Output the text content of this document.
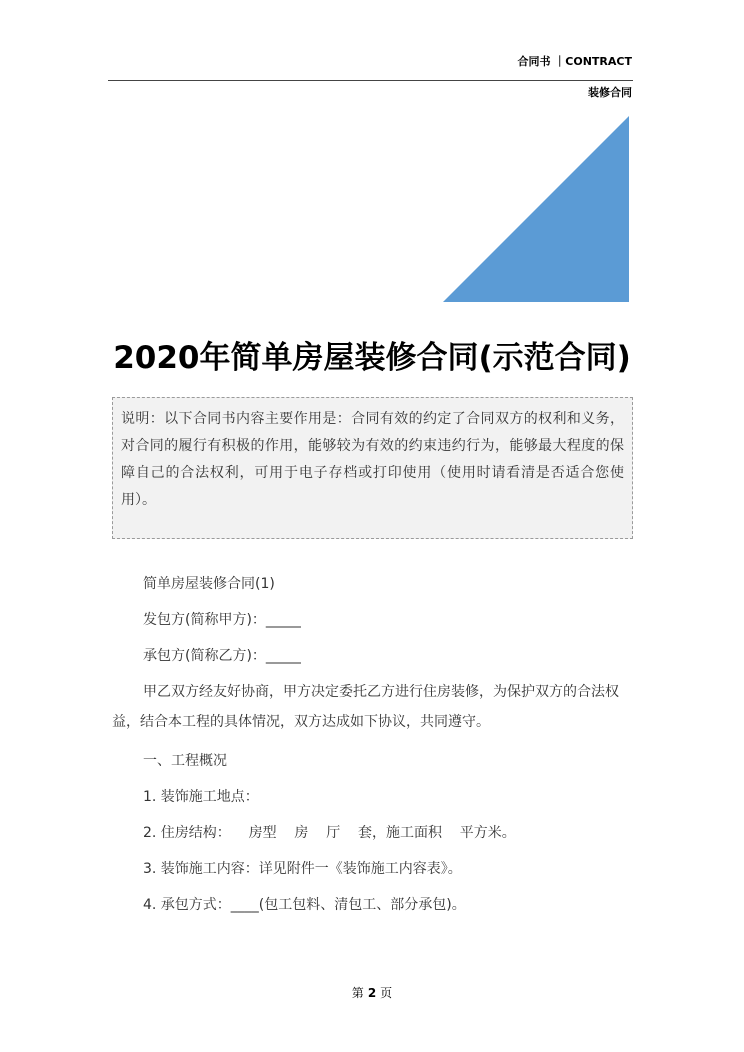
合同书 ｜CONTRACT
装修合同
2020年简单房屋装修合同(示范合同)
说明：以下合同书内容主要作用是：合同有效的约定了合同双方的权利和义务，对合同的履行有积极的作用，能够较为有效的约束违约行为，能够最大程度的保障自己的合法权利，可用于电子存档或打印使用（使用时请看清是否适合您使用）。

简单房屋装修合同(1)

发包方(简称甲方)：_____

承包方(简称乙方)：_____

甲乙双方经友好协商，甲方决定委托乙方进行住房装修，为保护双方的合法权益，结合本工程的具体情况，双方达成如下协议，共同遵守。

一、工程概况

1. 装饰施工地点：

2. 住房结构：    房型    房    厅    套，施工面积    平方米。

3. 装饰施工内容：详见附件一《装饰施工内容表》。

4. 承包方式：____(包工包料、清包工、部分承包)。

第 2 页
